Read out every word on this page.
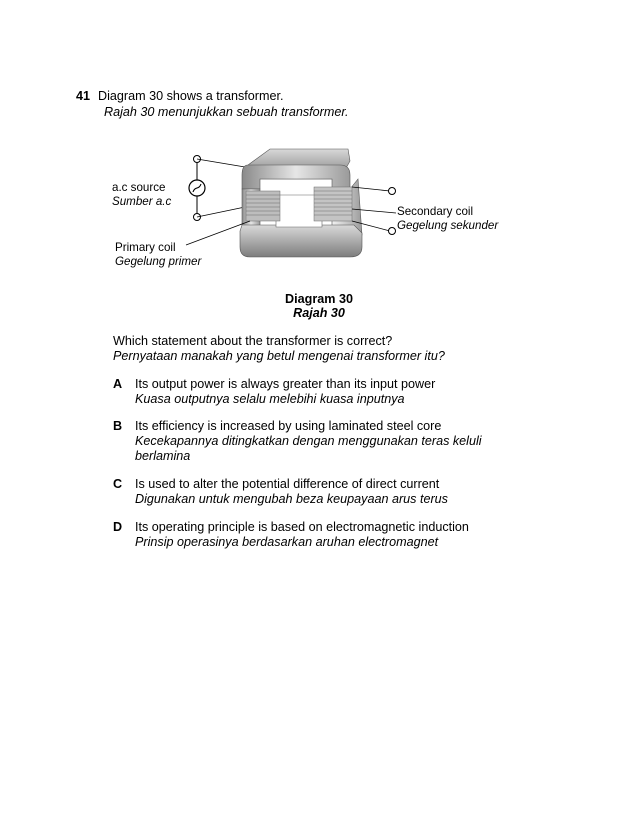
41 Diagram 30 shows a transformer.
Rajah 30 menunjukkan sebuah transformer.
a.c source
Sumber a.c
Primary coil
Gegelung primer
Secondary coil
Gegelung sekunder
Diagram 30
Rajah 30
Which statement about the transformer is correct?
Pernyataan manakah yang betul mengenai transformer itu?
A Its output power is always greater than its input power
Kuasa outputnya selalu melebihi kuasa inputnya
B Its efficiency is increased by using laminated steel core
Kecekapannya ditingkatkan dengan menggunakan teras keluli
berlamina
C Is used to alter the potential difference of direct current
Digunakan untuk mengubah beza keupayaan arus terus
D Its operating principle is based on electromagnetic induction
Prinsip operasinya berdasarkan aruhan electromagnet
